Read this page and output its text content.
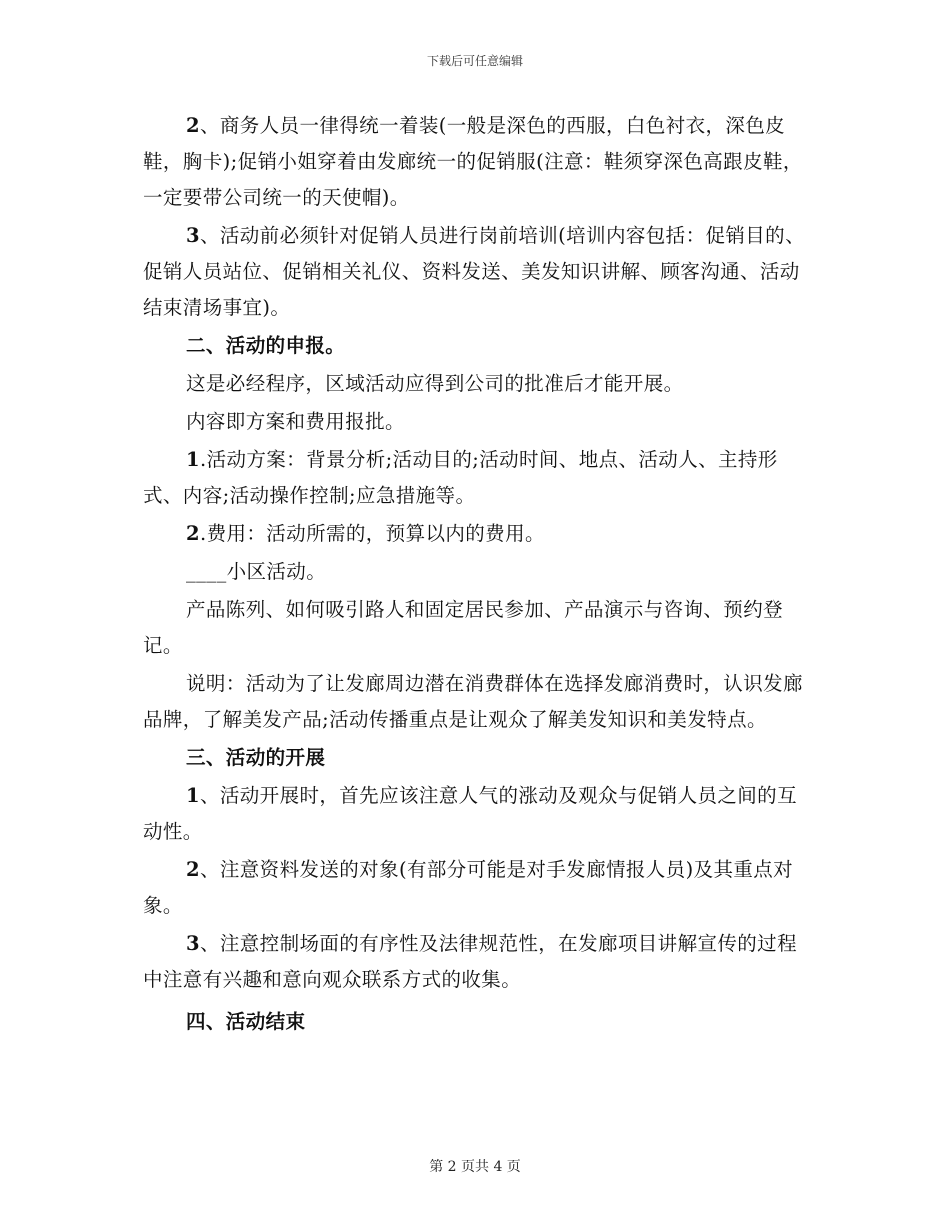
下载后可任意编辑

2、商务人员一律得统一着装(一般是深色的西服，白色衬衣，深色皮鞋，胸卡);促销小姐穿着由发廊统一的促销服(注意：鞋须穿深色高跟皮鞋，一定要带公司统一的天使帽)。

3、活动前必须针对促销人员进行岗前培训(培训内容包括：促销目的、促销人员站位、促销相关礼仪、资料发送、美发知识讲解、顾客沟通、活动结束清场事宜)。

二、活动的申报。

这是必经程序，区域活动应得到公司的批准后才能开展。

内容即方案和费用报批。

1.活动方案：背景分析;活动目的;活动时间、地点、活动人、主持形式、内容;活动操作控制;应急措施等。

2.费用：活动所需的，预算以内的费用。

____小区活动。

产品陈列、如何吸引路人和固定居民参加、产品演示与咨询、预约登记。

说明：活动为了让发廊周边潜在消费群体在选择发廊消费时，认识发廊品牌，了解美发产品;活动传播重点是让观众了解美发知识和美发特点。

三、活动的开展

1、活动开展时，首先应该注意人气的涨动及观众与促销人员之间的互动性。

2、注意资料发送的对象(有部分可能是对手发廊情报人员)及其重点对象。

3、注意控制场面的有序性及法律规范性，在发廊项目讲解宣传的过程中注意有兴趣和意向观众联系方式的收集。

四、活动结束

第 2 页共 4 页
